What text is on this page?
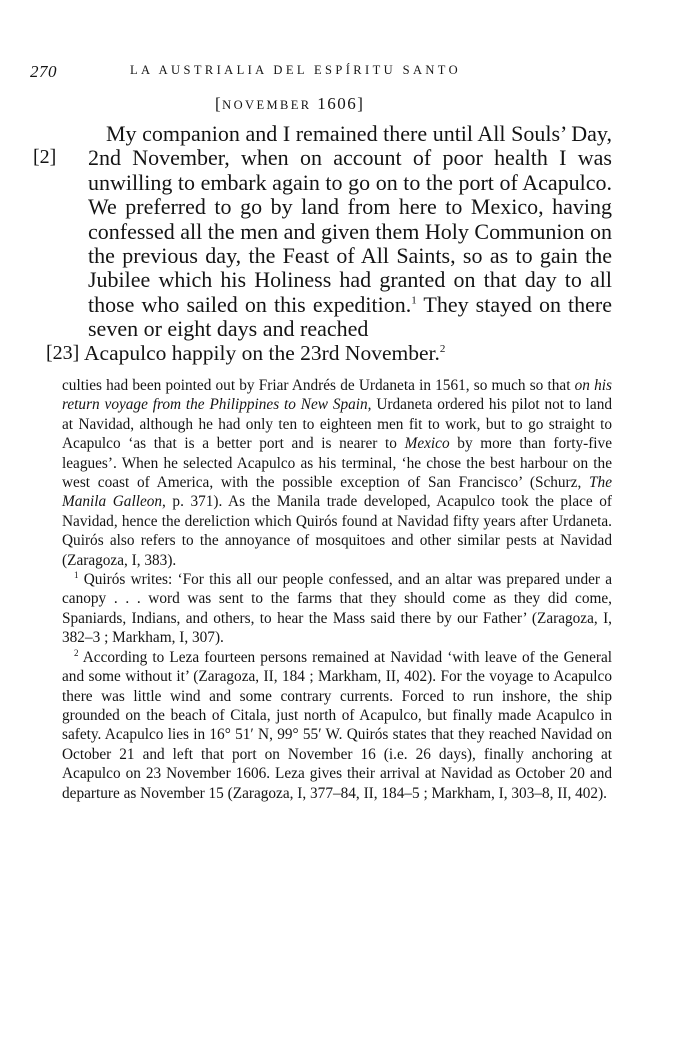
270	LA AUSTRIALIA DEL ESPÍRITU SANTO
[NOVEMBER 1606]
[2]
[23]

My companion and I remained there until All Souls’ Day, 2nd November, when on account of poor health I was unwilling to embark again to go on to the port of Acapulco. We preferred to go by land from here to Mexico, having confessed all the men and given them Holy Communion on the previous day, the Feast of All Saints, so as to gain the Jubilee which his Holiness had granted on that day to all those who sailed on this expedition.$^1$ They stayed on there seven or eight days and reached

Acapulco happily on the 23rd November.$^2$

culties had been pointed out by Friar Andrés de Urdaneta in 1561, so much so that on his return voyage from the Philippines to New Spain, Urdaneta ordered his pilot not to land at Navidad, although he had only ten to eighteen men fit to work, but to go straight to Acapulco ‘as that is a better port and is nearer to Mexico by more than forty-five leagues’. When he selected Acapulco as his terminal, ‘he chose the best harbour on the west coast of America, with the possible exception of San Francisco’ (Schurz, The Manila Galleon, p. 371). As the Manila trade developed, Acapulco took the place of Navidad, hence the dereliction which Quirós found at Navidad fifty years after Urdaneta. Quirós also refers to the annoyance of mosquitoes and other similar pests at Navidad (Zaragoza, I, 383).

$^1$ Quirós writes: ‘For this all our people confessed, and an altar was prepared under a canopy . . . word was sent to the farms that they should come as they did come, Spaniards, Indians, and others, to hear the Mass said there by our Father’ (Zaragoza, I, 382–3 ; Markham, I, 307).

$^2$ According to Leza fourteen persons remained at Navidad ‘with leave of the General and some without it’ (Zaragoza, II, 184 ; Markham, II, 402). For the voyage to Acapulco there was little wind and some contrary currents. Forced to run inshore, the ship grounded on the beach of Citala, just north of Acapulco, but finally made Acapulco in safety. Acapulco lies in 16° 51′ N, 99° 55′ W. Quirós states that they reached Navidad on October 21 and left that port on November 16 (i.e. 26 days), finally anchoring at Acapulco on 23 November 1606. Leza gives their arrival at Navidad as October 20 and departure as November 15 (Zaragoza, I, 377–84, II, 184–5 ; Markham, I, 303–8, II, 402).
